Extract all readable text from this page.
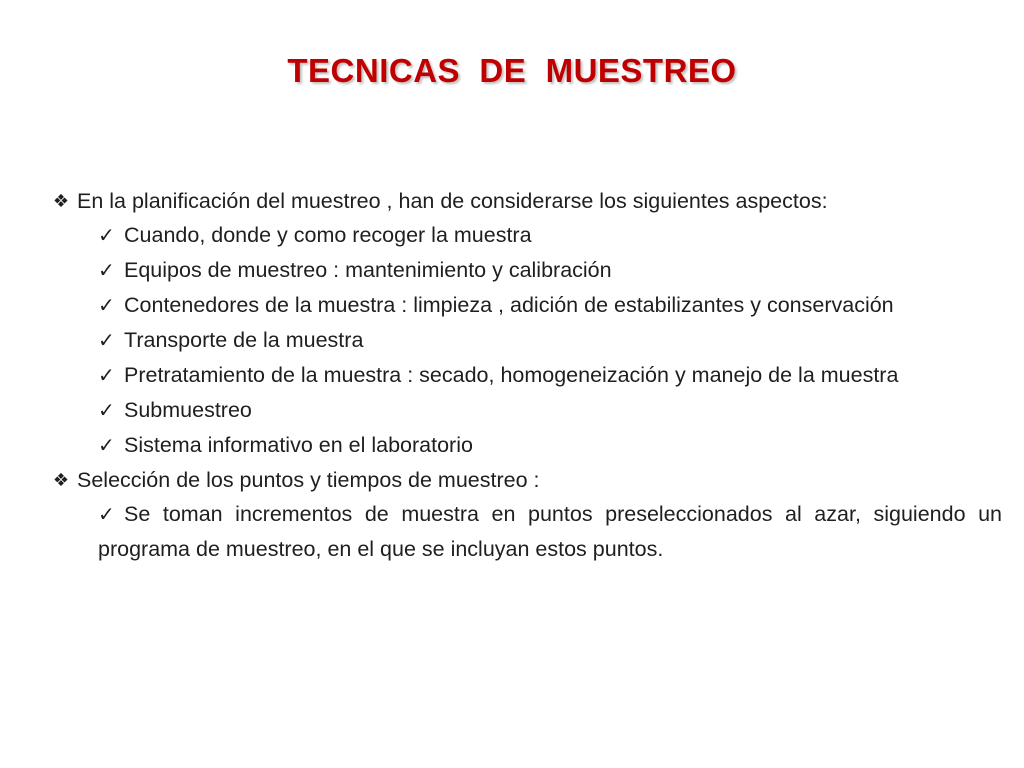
TECNICAS  DE  MUESTREO

❖ En la planificación del muestreo , han de considerarse los siguientes aspectos:

✓ Cuando, donde y como recoger la muestra

✓ Equipos de muestreo : mantenimiento y calibración

✓ Contenedores de la muestra : limpieza , adición de estabilizantes y conservación

✓ Transporte de la muestra

✓ Pretratamiento de la muestra : secado, homogeneización y manejo de la muestra

✓ Submuestreo

✓ Sistema informativo en el laboratorio

❖ Selección de los puntos y tiempos de muestreo :

✓ Se toman incrementos de muestra en puntos preseleccionados al azar, siguiendo un programa de muestreo, en el que se incluyan estos puntos.
